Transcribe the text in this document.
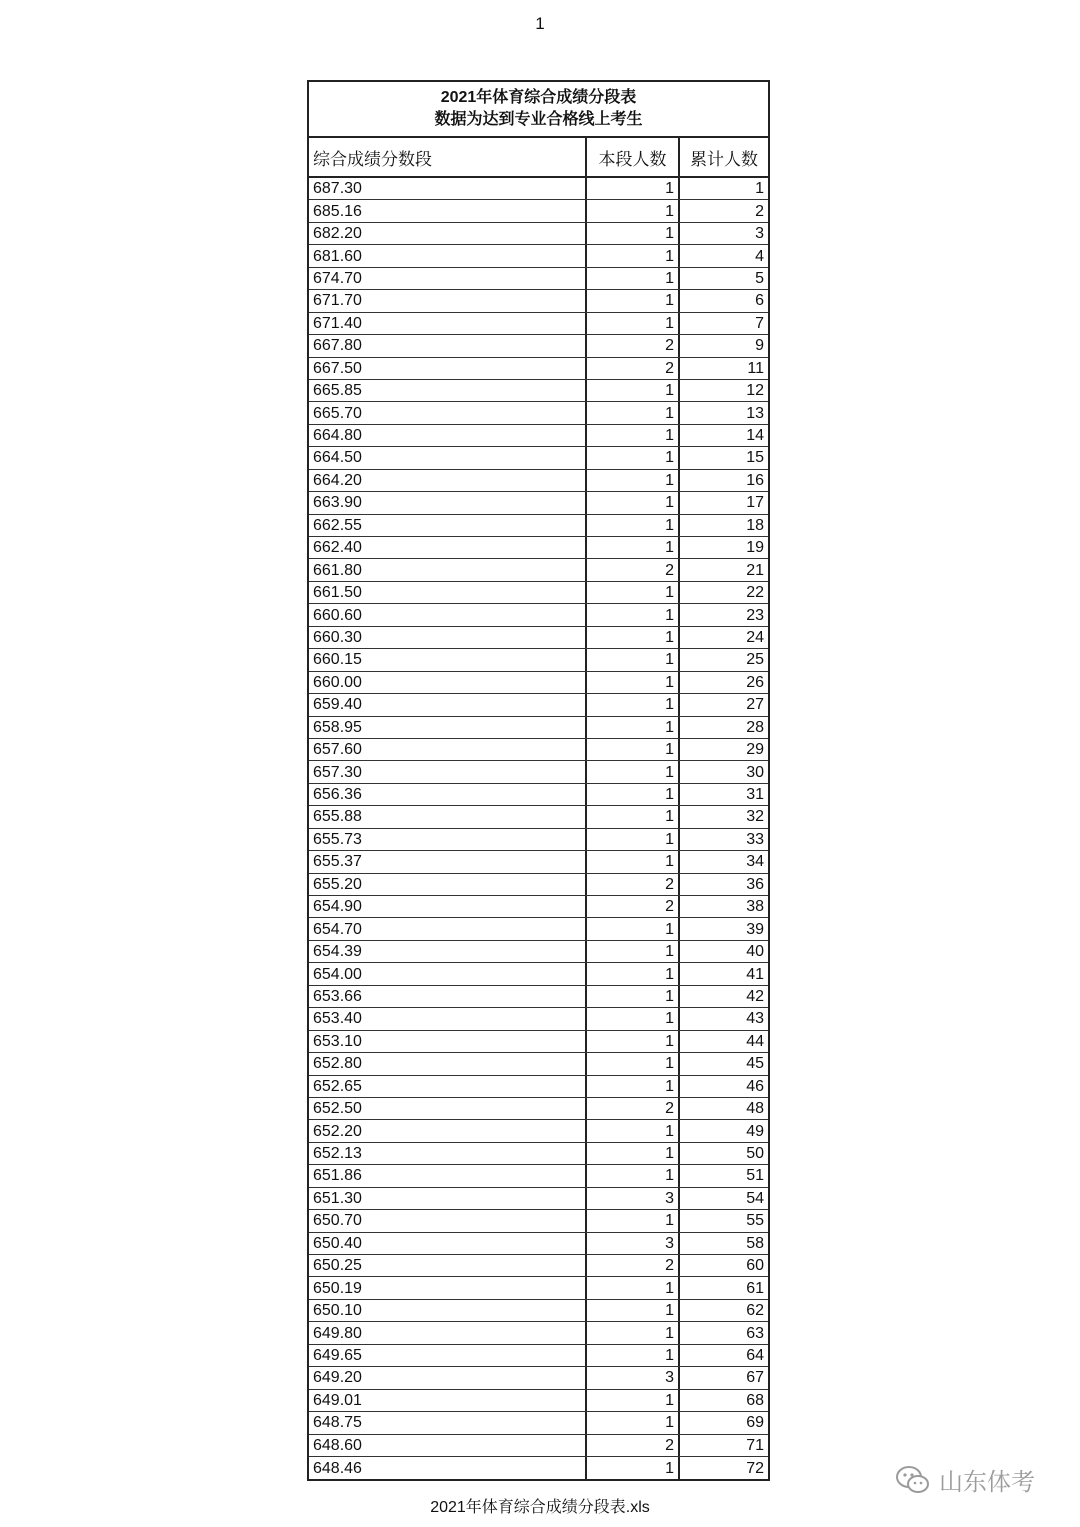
1
2021年体育综合成绩分段表
数据为达到专业合格线上考生
综合成绩分数段	本段人数	累计人数
687.30	1	1
685.16	1	2
682.20	1	3
681.60	1	4
674.70	1	5
671.70	1	6
671.40	1	7
667.80	2	9
667.50	2	11
665.85	1	12
665.70	1	13
664.80	1	14
664.50	1	15
664.20	1	16
663.90	1	17
662.55	1	18
662.40	1	19
661.80	2	21
661.50	1	22
660.60	1	23
660.30	1	24
660.15	1	25
660.00	1	26
659.40	1	27
658.95	1	28
657.60	1	29
657.30	1	30
656.36	1	31
655.88	1	32
655.73	1	33
655.37	1	34
655.20	2	36
654.90	2	38
654.70	1	39
654.39	1	40
654.00	1	41
653.66	1	42
653.40	1	43
653.10	1	44
652.80	1	45
652.65	1	46
652.50	2	48
652.20	1	49
652.13	1	50
651.86	1	51
651.30	3	54
650.70	1	55
650.40	3	58
650.25	2	60
650.19	1	61
650.10	1	62
649.80	1	63
649.65	1	64
649.20	3	67
649.01	1	68
648.75	1	69
648.60	2	71
648.46	1	72
2021年体育综合成绩分段表.xls
山东体考
